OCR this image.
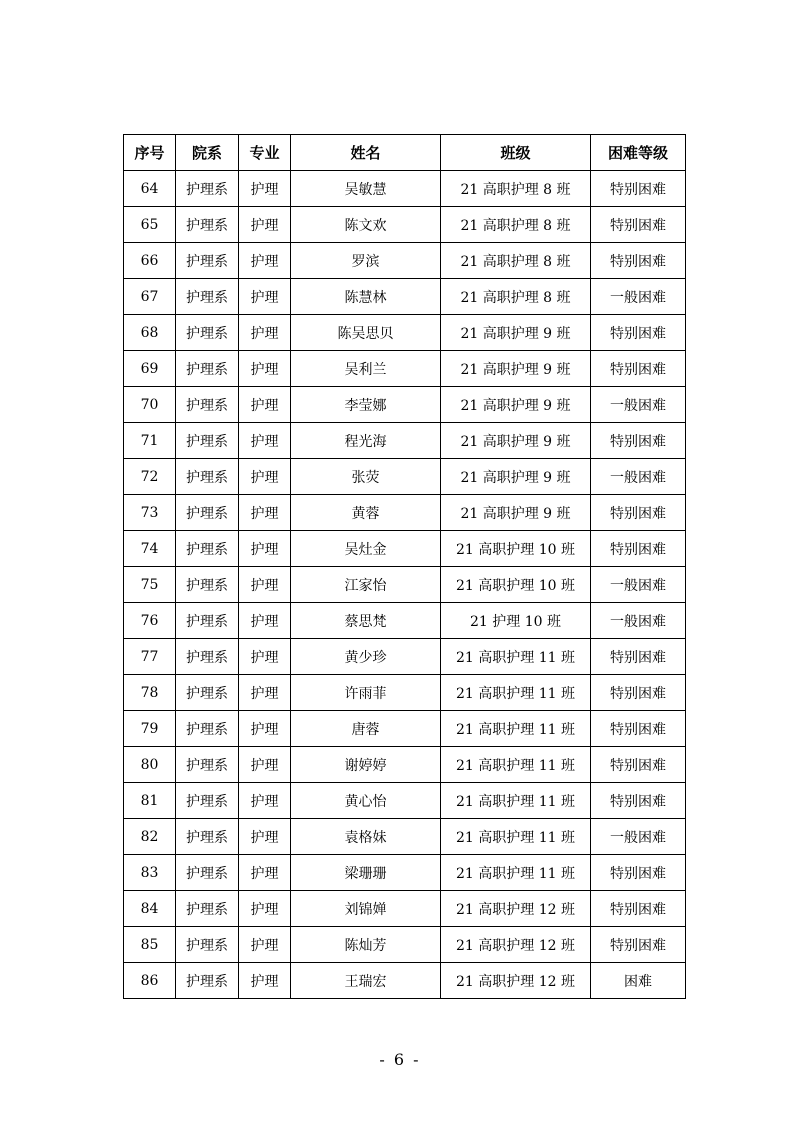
序号	院系	专业	姓名	班级	困难等级
64	护理系	护理	吴敏慧	21 高职护理 8 班	特别困难
65	护理系	护理	陈文欢	21 高职护理 8 班	特别困难
66	护理系	护理	罗滨	21 高职护理 8 班	特别困难
67	护理系	护理	陈慧林	21 高职护理 8 班	一般困难
68	护理系	护理	陈吴思贝	21 高职护理 9 班	特别困难
69	护理系	护理	吴利兰	21 高职护理 9 班	特别困难
70	护理系	护理	李莹娜	21 高职护理 9 班	一般困难
71	护理系	护理	程光海	21 高职护理 9 班	特别困难
72	护理系	护理	张荧	21 高职护理 9 班	一般困难
73	护理系	护理	黄蓉	21 高职护理 9 班	特别困难
74	护理系	护理	吴灶金	21 高职护理 10 班	特别困难
75	护理系	护理	江家怡	21 高职护理 10 班	一般困难
76	护理系	护理	蔡思梵	21 护理 10 班	一般困难
77	护理系	护理	黄少珍	21 高职护理 11 班	特别困难
78	护理系	护理	许雨菲	21 高职护理 11 班	特别困难
79	护理系	护理	唐蓉	21 高职护理 11 班	特别困难
80	护理系	护理	谢婷婷	21 高职护理 11 班	特别困难
81	护理系	护理	黄心怡	21 高职护理 11 班	特别困难
82	护理系	护理	袁格妹	21 高职护理 11 班	一般困难
83	护理系	护理	梁珊珊	21 高职护理 11 班	特别困难
84	护理系	护理	刘锦婵	21 高职护理 12 班	特别困难
85	护理系	护理	陈灿芳	21 高职护理 12 班	特别困难
86	护理系	护理	王瑞宏	21 高职护理 12 班	困难
- 6 -
